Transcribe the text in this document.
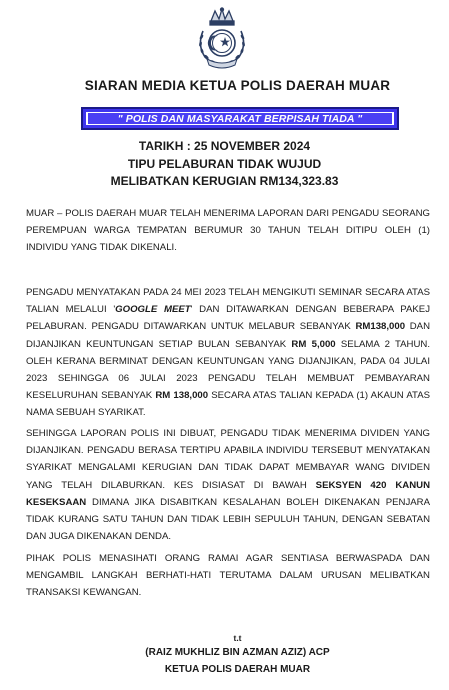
SIARAN MEDIA KETUA POLIS DAERAH MUAR
" POLIS DAN MASYARAKAT BERPISAH TIADA "
TARIKH : 25 NOVEMBER 2024
TIPU PELABURAN TIDAK WUJUD
MELIBATKAN KERUGIAN RM134,323.83

MUAR – POLIS DAERAH MUAR TELAH MENERIMA LAPORAN DARI PENGADU SEORANG PEREMPUAN WARGA TEMPATAN BERUMUR 30 TAHUN TELAH DITIPU OLEH (1) INDIVIDU YANG TIDAK DIKENALI.

PENGADU MENYATAKAN PADA 24 MEI 2023 TELAH MENGIKUTI SEMINAR SECARA ATAS TALIAN MELALUI 'GOOGLE MEET' DAN DITAWARKAN DENGAN BEBERAPA PAKEJ PELABURAN. PENGADU DITAWARKAN UNTUK MELABUR SEBANYAK RM138,000 DAN DIJANJIKAN KEUNTUNGAN SETIAP BULAN SEBANYAK RM 5,000 SELAMA 2 TAHUN. OLEH KERANA BERMINAT DENGAN KEUNTUNGAN YANG DIJANJIKAN, PADA 04 JULAI 2023 SEHINGGA 06 JULAI 2023 PENGADU TELAH MEMBUAT PEMBAYARAN KESELURUHAN SEBANYAK RM 138,000 SECARA ATAS TALIAN KEPADA (1) AKAUN ATAS NAMA SEBUAH SYARIKAT.

SEHINGGA LAPORAN POLIS INI DIBUAT, PENGADU TIDAK MENERIMA DIVIDEN YANG DIJANJIKAN. PENGADU BERASA TERTIPU APABILA INDIVIDU TERSEBUT MENYATAKAN SYARIKAT MENGALAMI KERUGIAN DAN TIDAK DAPAT MEMBAYAR WANG DIVIDEN YANG TELAH DILABURKAN. KES DISIASAT DI BAWAH SEKSYEN 420 KANUN KESEKSAAN DIMANA JIKA DISABITKAN KESALAHAN BOLEH DIKENAKAN PENJARA TIDAK KURANG SATU TAHUN DAN TIDAK LEBIH SEPULUH TAHUN, DENGAN SEBATAN DAN JUGA DIKENAKAN DENDA.

PIHAK POLIS MENASIHATI ORANG RAMAI AGAR SENTIASA BERWASPADA DAN MENGAMBIL LANGKAH BERHATI-HATI TERUTAMA DALAM URUSAN MELIBATKAN TRANSAKSI KEWANGAN.

t.t
(RAIZ MUKHLIZ BIN AZMAN AZIZ) ACP
KETUA POLIS DAERAH MUAR
